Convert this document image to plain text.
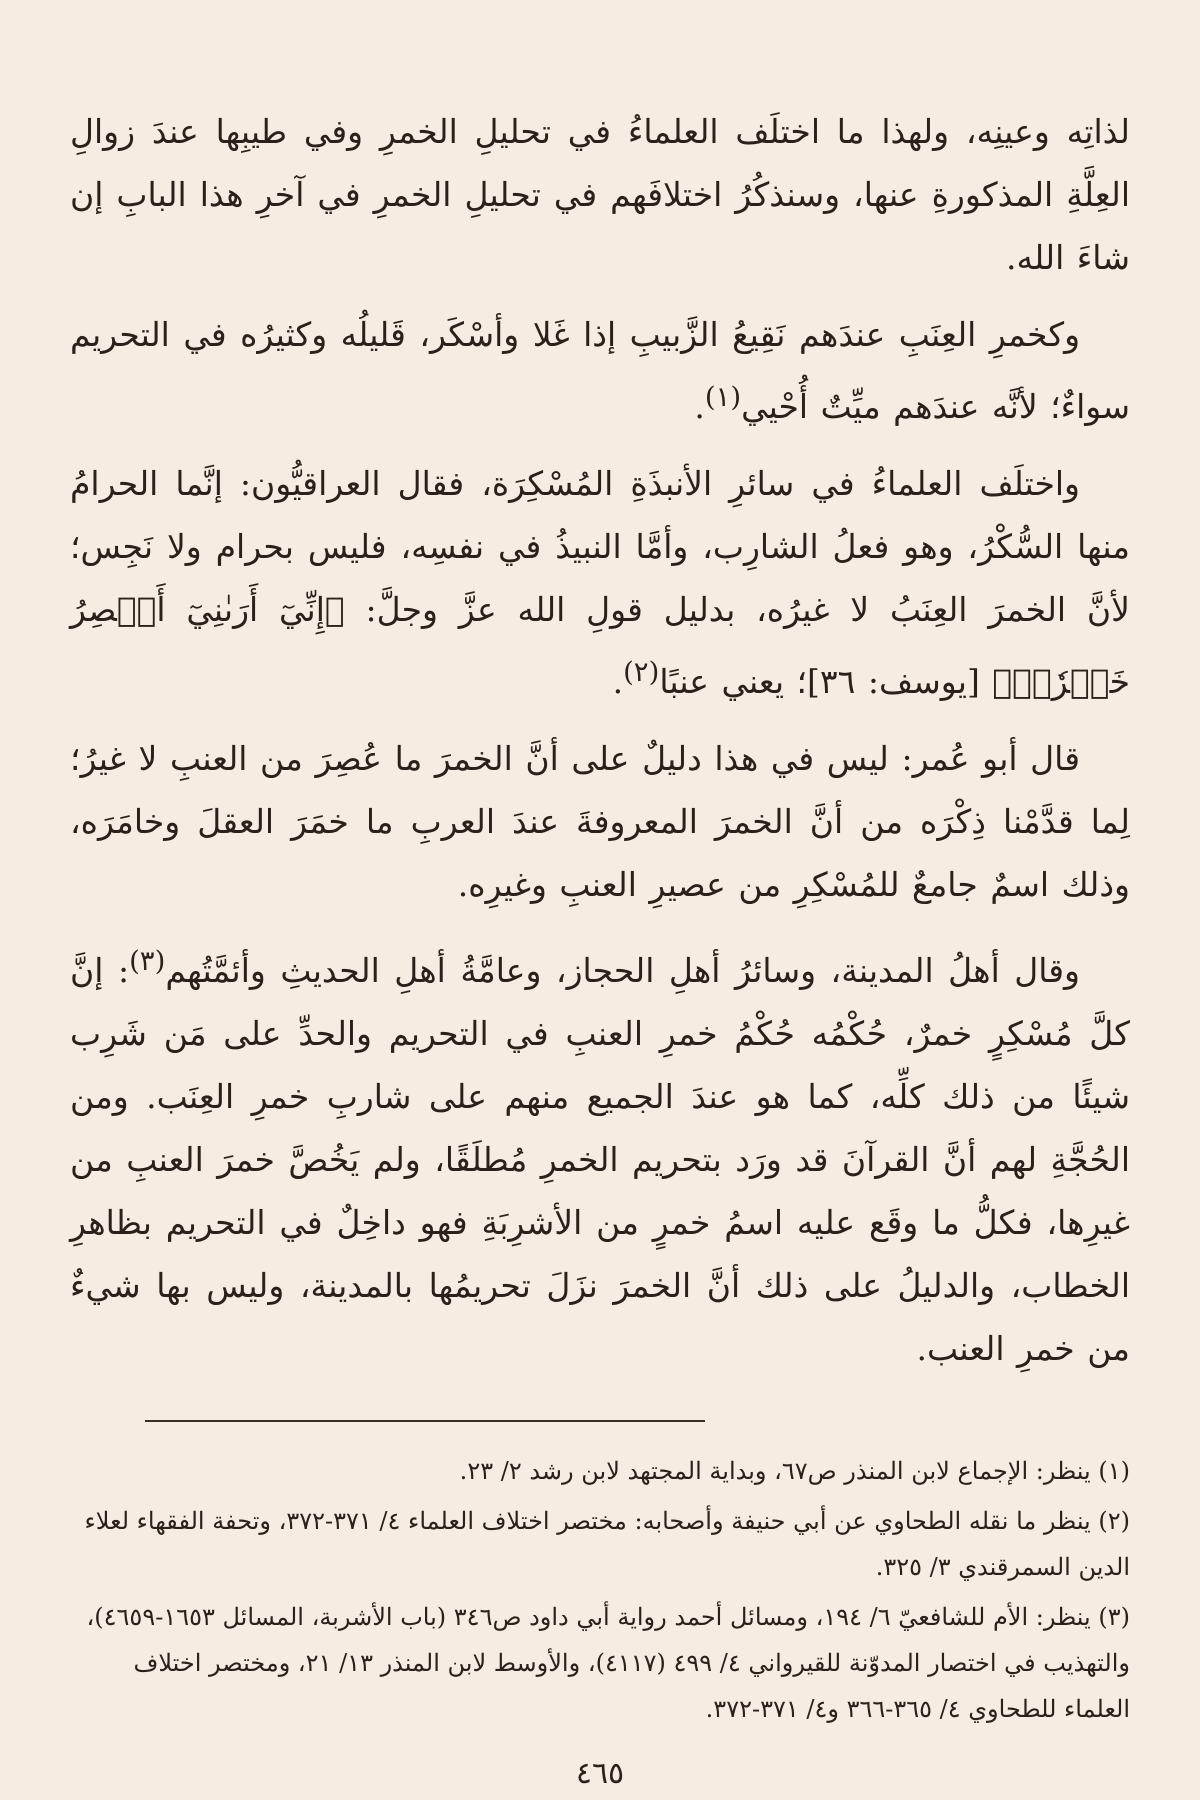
لذاتِه وعينِه، ولهذا ما اختلَف العلماءُ في تحليلِ الخمرِ وفي طيبِها عندَ زوالِ العِلَّةِ المذكورةِ عنها، وسنذكُرُ اختلافَهم في تحليلِ الخمرِ في آخرِ هذا البابِ إن شاءَ الله.

وكخمرِ العِنَبِ عندَهم نَقِيعُ الزَّبيبِ إذا غَلا وأسْكَر، قَليلُه وكثيرُه في التحريم سواءٌ؛ لأنَّه عندَهم ميِّتٌ أُحْيي$^{(١)}$.

واختلَف العلماءُ في سائرِ الأنبذَةِ المُسْكِرَة، فقال العراقيُّون: إنَّما الحرامُ منها السُّكْرُ، وهو فعلُ الشارِب، وأمَّا النبيذُ في نفسِه، فليس بحرام ولا نَجِس؛ لأنَّ الخمرَ العِنَبُ لا غيرُه، بدليل قولِ الله عزَّ وجلَّ: ﴿إِنِّيٓ أَرَىٰنِيٓ أَعۡصِرُ خَمۡرٗاۖ﴾ [يوسف: ٣٦]؛ يعني عنبًا$^{(٢)}$.

قال أبو عُمر: ليس في هذا دليلٌ على أنَّ الخمرَ ما عُصِرَ من العنبِ لا غيرُ؛ لِما قدَّمْنا ذِكْرَه من أنَّ الخمرَ المعروفةَ عندَ العربِ ما خمَرَ العقلَ وخامَرَه، وذلك اسمٌ جامعٌ للمُسْكِرِ من عصيرِ العنبِ وغيرِه.

وقال أهلُ المدينة، وسائرُ أهلِ الحجاز، وعامَّةُ أهلِ الحديثِ وأئمَّتُهم$^{(٣)}$: إنَّ كلَّ مُسْكِرٍ خمرٌ، حُكْمُه حُكْمُ خمرِ العنبِ في التحريم والحدِّ على مَن شَرِب شيئًا من ذلك كلِّه، كما هو عندَ الجميع منهم على شاربِ خمرِ العِنَب. ومن الحُجَّةِ لهم أنَّ القرآنَ قد ورَد بتحريم الخمرِ مُطلَقًا، ولم يَخُصَّ خمرَ العنبِ من غيرِها، فكلُّ ما وقَع عليه اسمُ خمرٍ من الأشرِبَةِ فهو داخِلٌ في التحريم بظاهرِ الخطاب، والدليلُ على ذلك أنَّ الخمرَ نزَلَ تحريمُها بالمدينة، وليس بها شيءٌ من خمرِ العنب.

(١) ينظر: الإجماع لابن المنذر ص٦٧، وبداية المجتهد لابن رشد ٢/ ٢٣.

(٢) ينظر ما نقله الطحاوي عن أبي حنيفة وأصحابه: مختصر اختلاف العلماء ٤/ ٣٧١-٣٧٢، وتحفة الفقهاء لعلاء الدين السمرقندي ٣/ ٣٢٥.

(٣) ينظر: الأم للشافعيّ ٦/ ١٩٤، ومسائل أحمد رواية أبي داود ص٣٤٦ (باب الأشربة، المسائل ١٦٥٣-٤٦٥٩)، والتهذيب في اختصار المدوّنة للقيرواني ٤/ ٤٩٩ (٤١١٧)، والأوسط لابن المنذر ١٣/ ٢١، ومختصر اختلاف العلماء للطحاوي ٤/ ٣٦٥-٣٦٦ و٤/ ٣٧١-٣٧٢.

٤٦٥
